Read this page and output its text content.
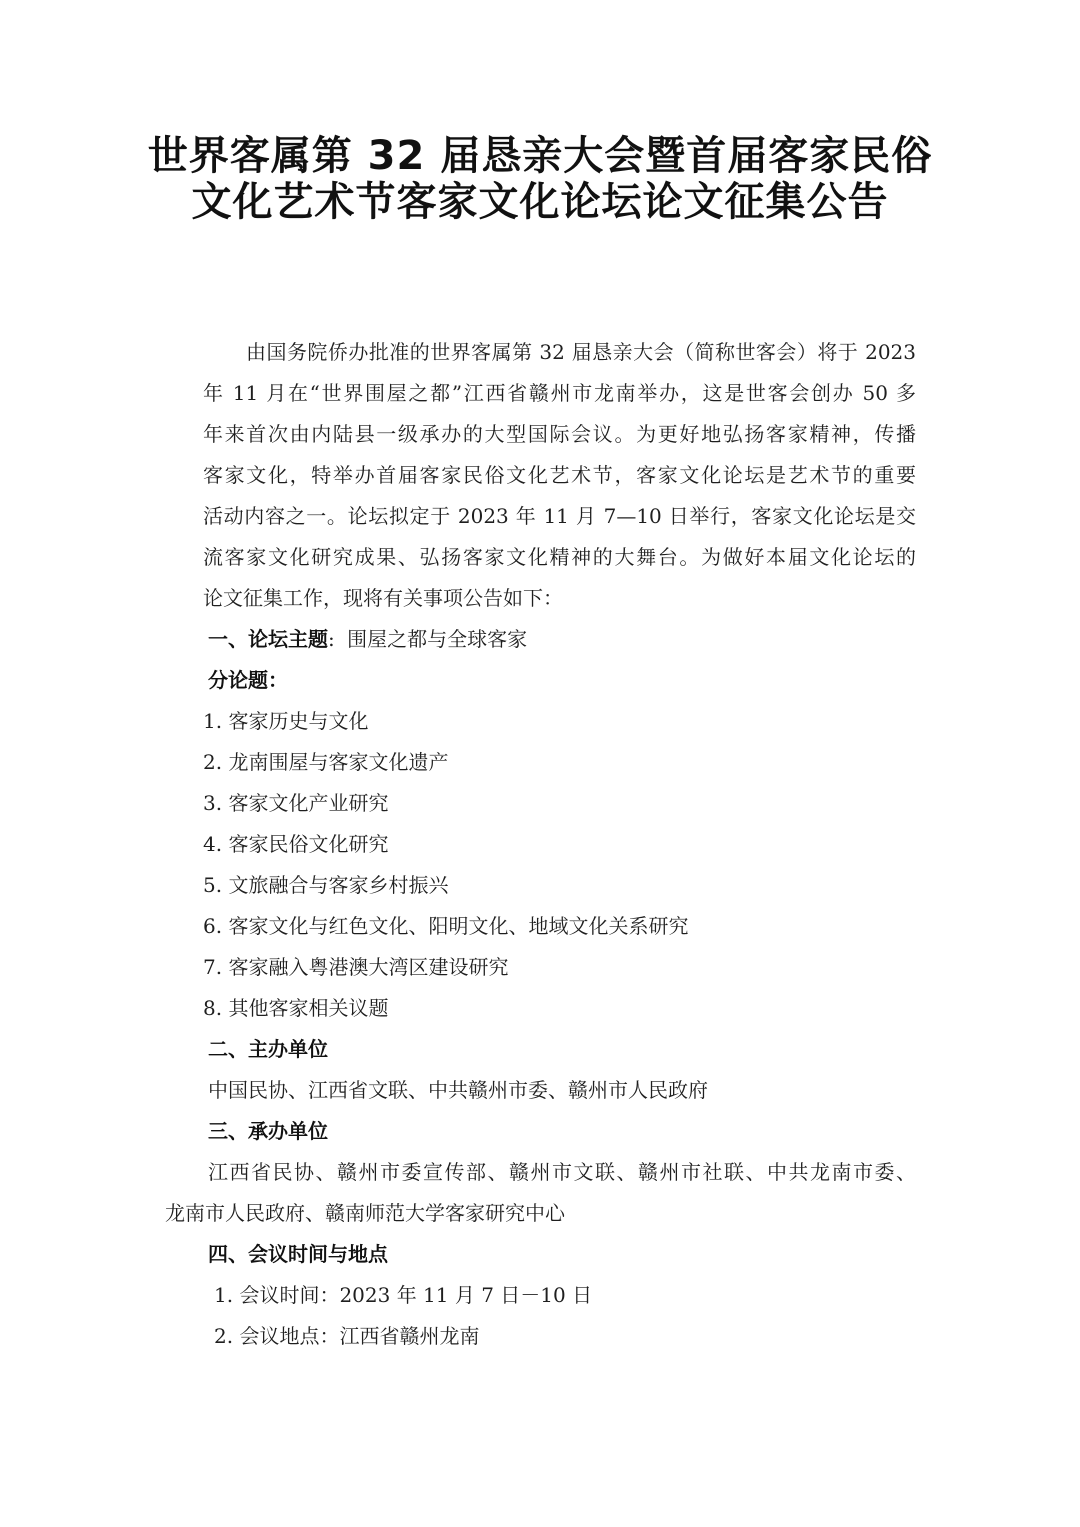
世界客属第 32 届恳亲大会暨首届客家民俗
文化艺术节客家文化论坛论文征集公告
由国务院侨办批准的世界客属第 32 届恳亲大会（简称世客会）将于 2023
年 11 月在“世界围屋之都”江西省赣州市龙南举办，这是世客会创办 50 多
年来首次由内陆县一级承办的大型国际会议。为更好地弘扬客家精神，传播
客家文化，特举办首届客家民俗文化艺术节，客家文化论坛是艺术节的重要
活动内容之一。论坛拟定于 2023 年 11 月 7—10 日举行，客家文化论坛是交
流客家文化研究成果、弘扬客家文化精神的大舞台。为做好本届文化论坛的
论文征集工作，现将有关事项公告如下：
一、论坛主题: 围屋之都与全球客家
分论题：
1. 客家历史与文化
2. 龙南围屋与客家文化遗产
3. 客家文化产业研究
4. 客家民俗文化研究
5. 文旅融合与客家乡村振兴
6. 客家文化与红色文化、阳明文化、地域文化关系研究
7. 客家融入粤港澳大湾区建设研究
8. 其他客家相关议题
二、主办单位
中国民协、江西省文联、中共赣州市委、赣州市人民政府
三、承办单位
江西省民协、赣州市委宣传部、赣州市文联、赣州市社联、中共龙南市委、
龙南市人民政府、赣南师范大学客家研究中心
四、会议时间与地点
1. 会议时间：2023 年 11 月 7 日－10 日
2. 会议地点：江西省赣州龙南
